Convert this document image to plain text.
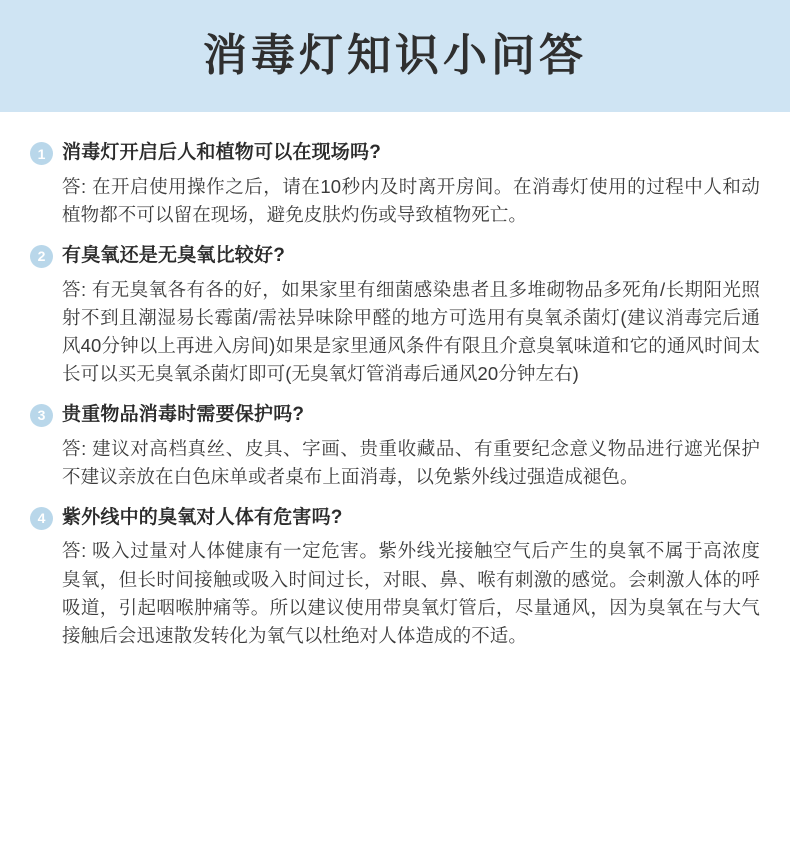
消毒灯知识小问答
1 消毒灯开启后人和植物可以在现场吗?
答: 在开启使用操作之后，请在10秒内及时离开房间。在消毒灯使用的过程中人和动植物都不可以留在现场，避免皮肤灼伤或导致植物死亡。
2 有臭氧还是无臭氧比较好?
答: 有无臭氧各有各的好，如果家里有细菌感染患者且多堆砌物品多死角/长期阳光照射不到且潮湿易长霉菌/需祛异味除甲醛的地方可选用有臭氧杀菌灯(建议消毒完后通风40分钟以上再进入房间)如果是家里通风条件有限且介意臭氧味道和它的通风时间太长可以买无臭氧杀菌灯即可(无臭氧灯管消毒后通风20分钟左右)
3 贵重物品消毒时需要保护吗?
答: 建议对高档真丝、皮具、字画、贵重收藏品、有重要纪念意义物品进行遮光保护不建议亲放在白色床单或者桌布上面消毒，以免紫外线过强造成褪色。
4 紫外线中的臭氧对人体有危害吗?
答: 吸入过量对人体健康有一定危害。紫外线光接触空气后产生的臭氧不属于高浓度臭氧，但长时间接触或吸入时间过长，对眼、鼻、喉有刺激的感觉。会刺激人体的呼吸道，引起咽喉肿痛等。所以建议使用带臭氧灯管后，尽量通风，因为臭氧在与大气接触后会迅速散发转化为氧气以杜绝对人体造成的不适。
